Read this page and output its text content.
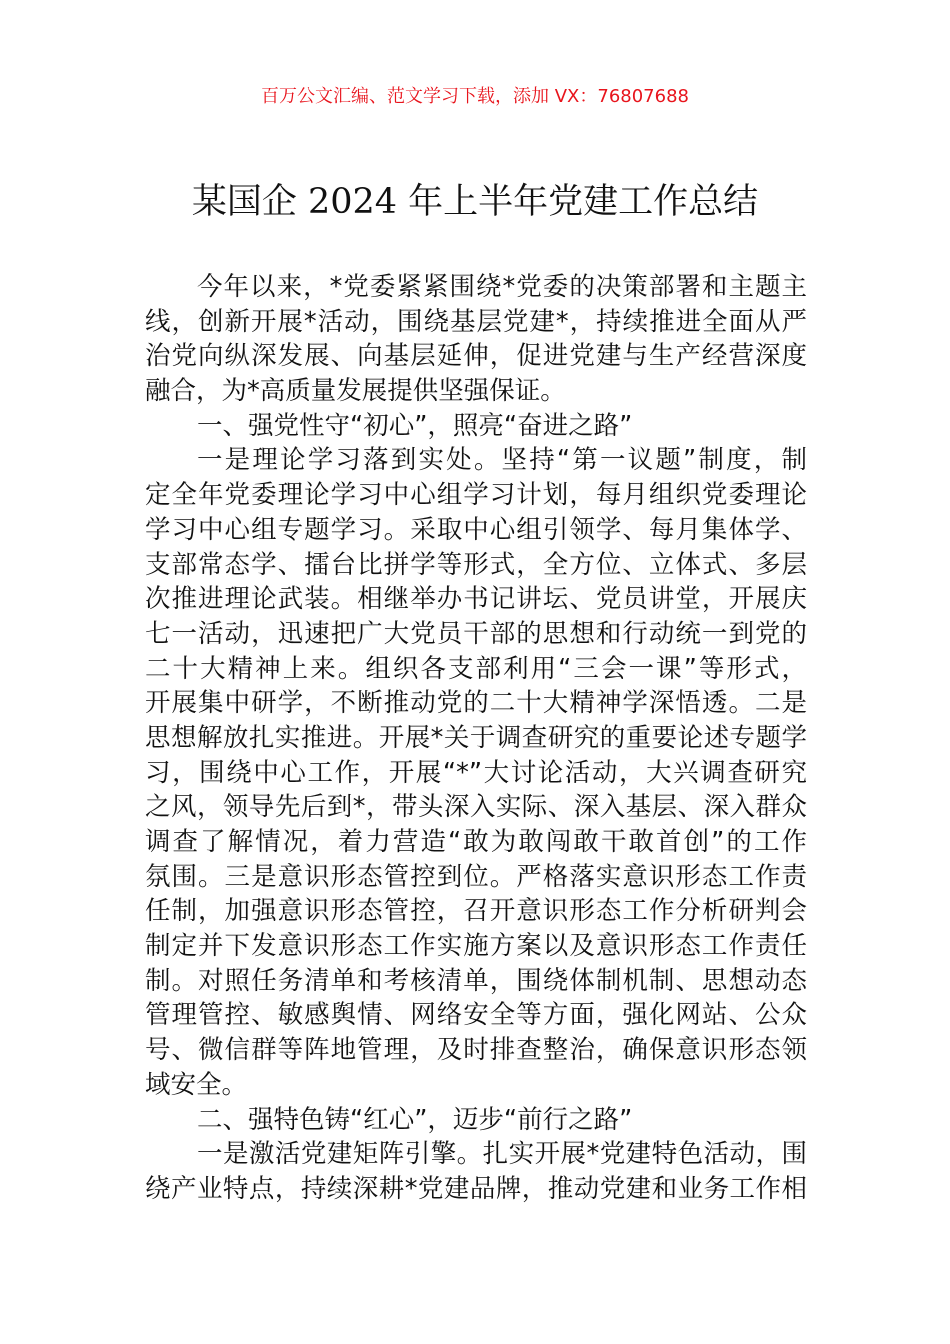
百万公文汇编、范文学习下载，添加 VX：76807688
某国企 2024 年上半年党建工作总结
今年以来，*党委紧紧围绕*党委的决策部署和主题主
线，创新开展*活动，围绕基层党建*，持续推进全面从严
治党向纵深发展、向基层延伸，促进党建与生产经营深度
融合，为*高质量发展提供坚强保证。
一、强党性守“初心”，照亮“奋进之路”
一是理论学习落到实处。坚持“第一议题”制度，制
定全年党委理论学习中心组学习计划，每月组织党委理论
学习中心组专题学习。采取中心组引领学、每月集体学、
支部常态学、擂台比拼学等形式，全方位、立体式、多层
次推进理论武装。相继举办书记讲坛、党员讲堂，开展庆
七一活动，迅速把广大党员干部的思想和行动统一到党的
二十大精神上来。组织各支部利用“三会一课”等形式，
开展集中研学，不断推动党的二十大精神学深悟透。二是
思想解放扎实推进。开展*关于调查研究的重要论述专题学
习，围绕中心工作，开展“*”大讨论活动，大兴调查研究
之风，领导先后到*，带头深入实际、深入基层、深入群众
调查了解情况，着力营造“敢为敢闯敢干敢首创”的工作
氛围。三是意识形态管控到位。严格落实意识形态工作责
任制，加强意识形态管控，召开意识形态工作分析研判会
制定并下发意识形态工作实施方案以及意识形态工作责任
制。对照任务清单和考核清单，围绕体制机制、思想动态
管理管控、敏感舆情、网络安全等方面，强化网站、公众
号、微信群等阵地管理，及时排查整治，确保意识形态领
域安全。
二、强特色铸“红心”，迈步“前行之路”
一是激活党建矩阵引擎。扎实开展*党建特色活动，围
绕产业特点，持续深耕*党建品牌，推动党建和业务工作相
